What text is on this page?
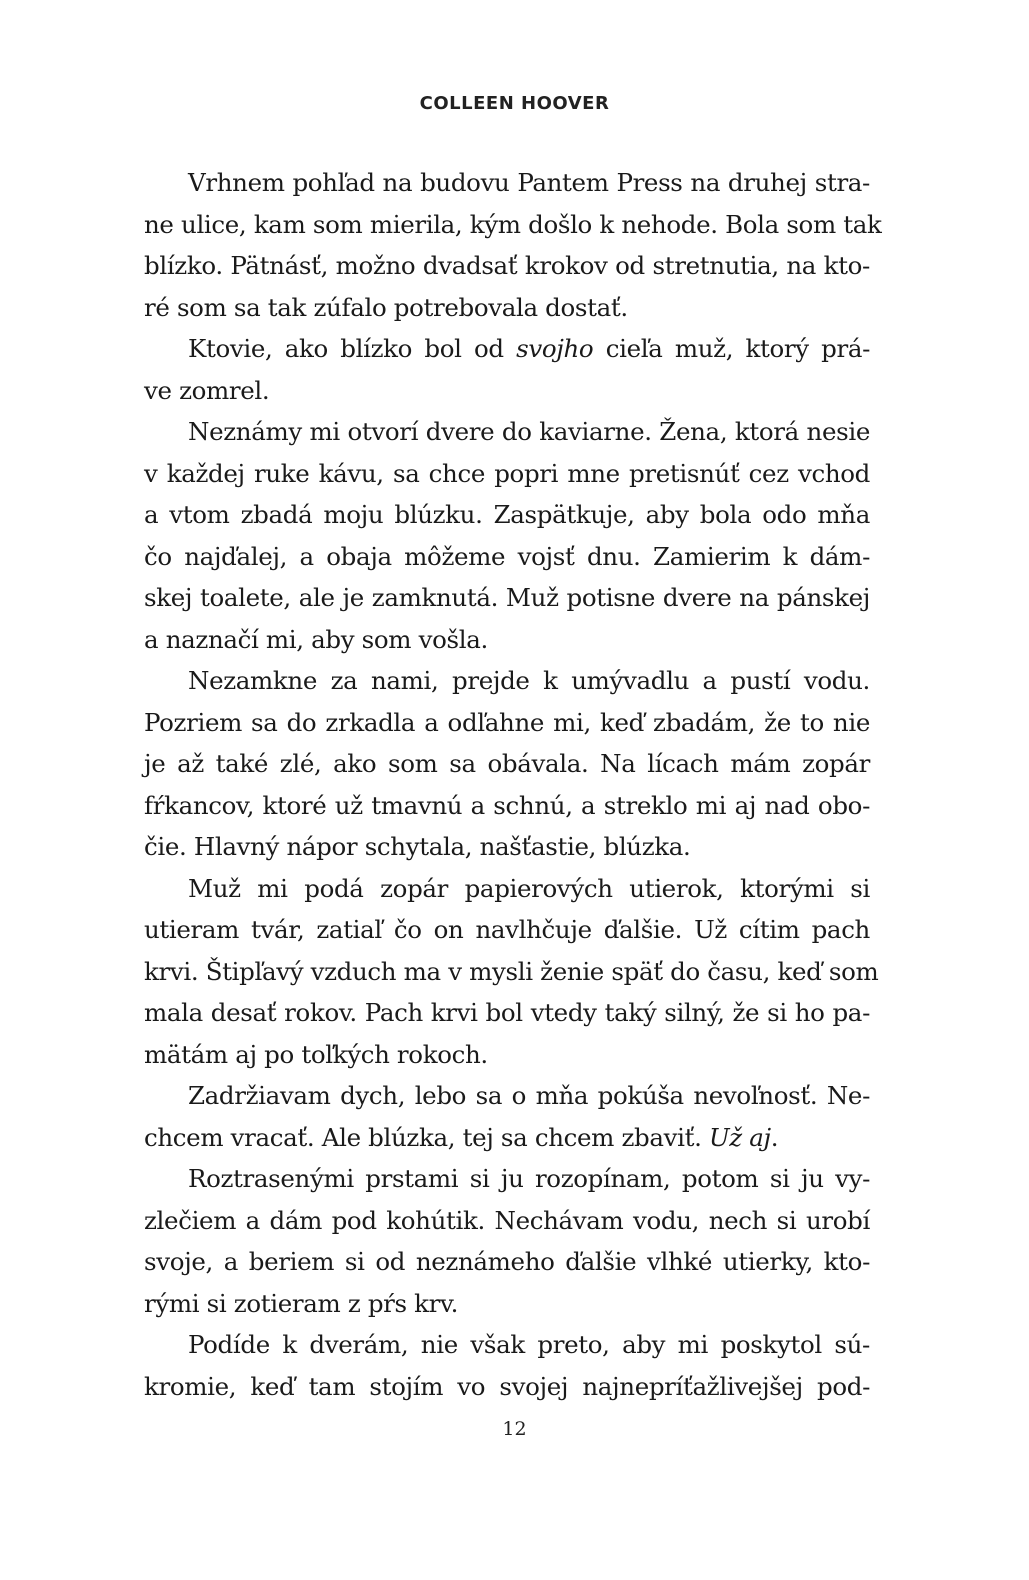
COLLEEN HOOVER
Vrhnem pohľad na budovu Pantem Press na druhej stra-
ne ulice, kam som mierila, kým došlo k nehode. Bola som tak
blízko. Pätnásť, možno dvadsať krokov od stretnutia, na kto-
ré som sa tak zúfalo potrebovala dostať.
Ktovie, ako blízko bol od svojho cieľa muž, ktorý prá-
ve zomrel.
Neznámy mi otvorí dvere do kaviarne. Žena, ktorá nesie
v každej ruke kávu, sa chce popri mne pretisnúť cez vchod
a vtom zbadá moju blúzku. Zaspätkuje, aby bola odo mňa
čo najďalej, a obaja môžeme vojsť dnu. Zamierim k dám-
skej toalete, ale je zamknutá. Muž potisne dvere na pánskej
a naznačí mi, aby som vošla.
Nezamkne za nami, prejde k umývadlu a pustí vodu.
Pozriem sa do zrkadla a odľahne mi, keď zbadám, že to nie
je až také zlé, ako som sa obávala. Na lícach mám zopár
fŕkancov, ktoré už tmavnú a schnú, a streklo mi aj nad obo-
čie. Hlavný nápor schytala, našťastie, blúzka.
Muž mi podá zopár papierových utierok, ktorými si
utieram tvár, zatiaľ čo on navlhčuje ďalšie. Už cítim pach
krvi. Štipľavý vzduch ma v mysli ženie späť do času, keď som
mala desať rokov. Pach krvi bol vtedy taký silný, že si ho pa-
mätám aj po toľkých rokoch.
Zadržiavam dych, lebo sa o mňa pokúša nevoľnosť. Ne-
chcem vracať. Ale blúzka, tej sa chcem zbaviť. Už aj.
Roztrasenými prstami si ju rozopínam, potom si ju vy-
zlečiem a dám pod kohútik. Nechávam vodu, nech si urobí
svoje, a beriem si od neznámeho ďalšie vlhké utierky, kto-
rými si zotieram z pŕs krv.
Podíde k dverám, nie však preto, aby mi poskytol sú-
kromie, keď tam stojím vo svojej najnepríťažlivejšej pod-
12
